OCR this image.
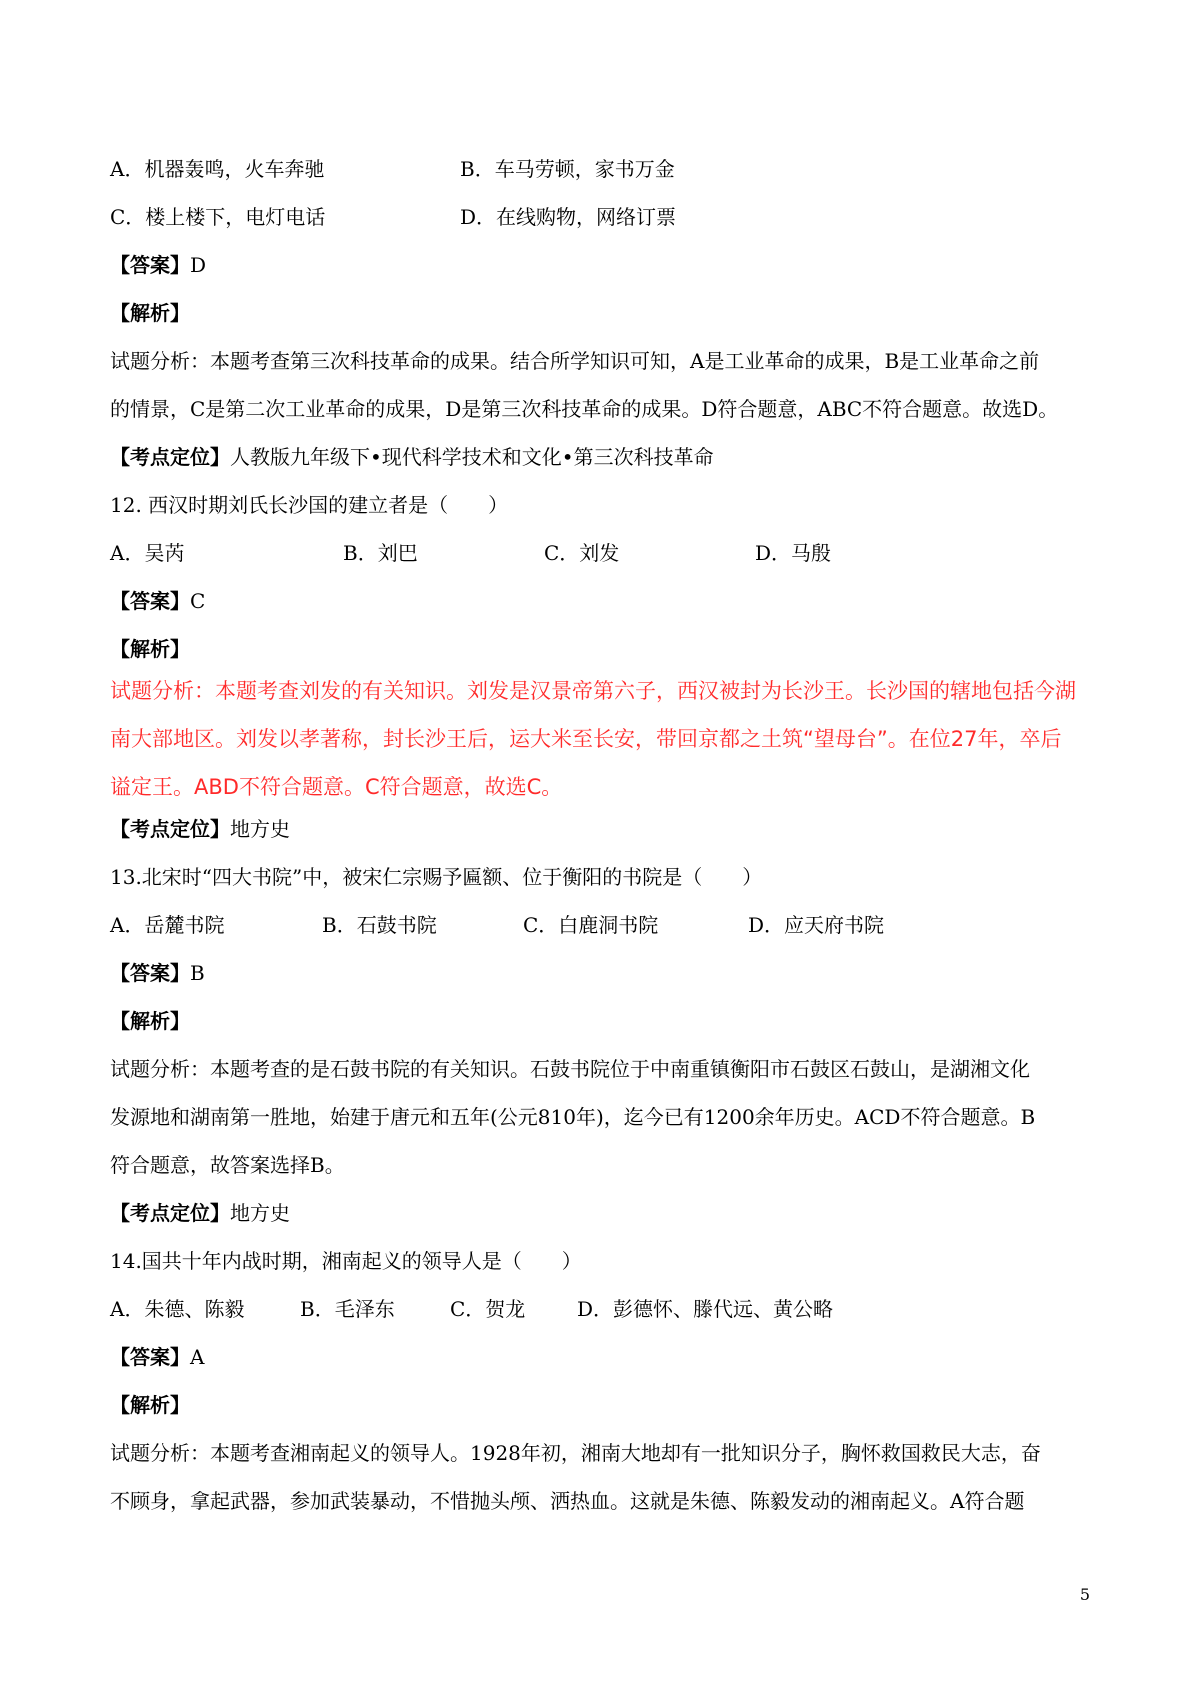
A．机器轰鸣，火车奔驰	B．车马劳顿，家书万金
C．楼上楼下，电灯电话	D．在线购物，网络订票
【答案】D
【解析】
试题分析：本题考查第三次科技革命的成果。结合所学知识可知，A是工业革命的成果，B是工业革命之前
的情景，C是第二次工业革命的成果，D是第三次科技革命的成果。D符合题意，ABC不符合题意。故选D。
【考点定位】人教版九年级下•现代科学技术和文化•第三次科技革命
12. 西汉时期刘氏长沙国的建立者是（　　）
A．吴芮	B．刘巴	C．刘发	D．马殷
【答案】C
【解析】
试题分析：本题考查刘发的有关知识。刘发是汉景帝第六子，西汉被封为长沙王。长沙国的辖地包括今湖
南大部地区。刘发以孝著称，封长沙王后，运大米至长安，带回京都之土筑“望母台”。在位27年，卒后
谥定王。ABD不符合题意。C符合题意，故选C。
【考点定位】地方史
13.北宋时“四大书院”中，被宋仁宗赐予匾额、位于衡阳的书院是（　　）
A．岳麓书院	B．石鼓书院	C．白鹿洞书院	D．应天府书院
【答案】B
【解析】
试题分析：本题考查的是石鼓书院的有关知识。石鼓书院位于中南重镇衡阳市石鼓区石鼓山，是湖湘文化
发源地和湖南第一胜地，始建于唐元和五年(公元810年)，迄今已有1200余年历史。ACD不符合题意。B
符合题意，故答案选择B。
【考点定位】地方史
14.国共十年内战时期，湘南起义的领导人是（　　）
A．朱德、陈毅	B．毛泽东	C．贺龙	D．彭德怀、滕代远、黄公略
【答案】A
【解析】
试题分析：本题考查湘南起义的领导人。1928年初，湘南大地却有一批知识分子，胸怀救国救民大志，奋
不顾身，拿起武器，参加武装暴动，不惜抛头颅、洒热血。这就是朱德、陈毅发动的湘南起义。A符合题
5
